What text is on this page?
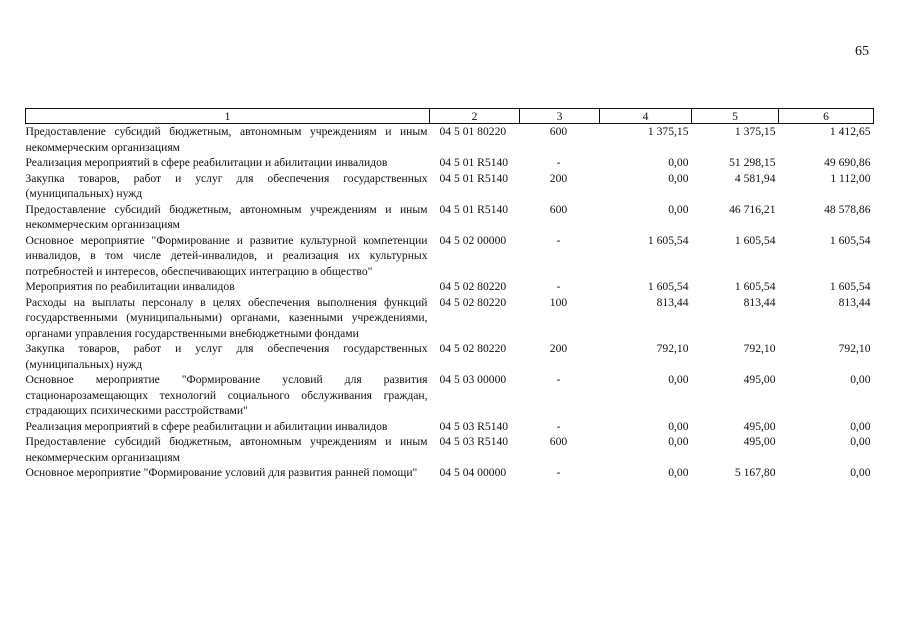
65
1	2	3	4	5	6
Предоставление субсидий бюджетным, автономным учреждениям и иным некоммерческим организациям	04 5 01 80220	600	1 375,15	1 375,15	1 412,65
Реализация мероприятий в сфере реабилитации и абилитации инвалидов	04 5 01 R5140	-	0,00	51 298,15	49 690,86
Закупка товаров, работ и услуг для обеспечения государственных (муниципальных) нужд	04 5 01 R5140	200	0,00	4 581,94	1 112,00
Предоставление субсидий бюджетным, автономным учреждениям и иным некоммерческим организациям	04 5 01 R5140	600	0,00	46 716,21	48 578,86
Основное мероприятие "Формирование и развитие культурной компетенции инвалидов, в том числе детей-инвалидов, и реализация их культурных потребностей и интересов, обеспечивающих интеграцию в общество"	04 5 02 00000	-	1 605,54	1 605,54	1 605,54
Мероприятия по реабилитации инвалидов	04 5 02 80220	-	1 605,54	1 605,54	1 605,54
Расходы на выплаты персоналу в целях обеспечения выполнения функций государственными (муниципальными) органами, казенными учреждениями, органами управления государственными внебюджетными фондами	04 5 02 80220	100	813,44	813,44	813,44
Закупка товаров, работ и услуг для обеспечения государственных (муниципальных) нужд	04 5 02 80220	200	792,10	792,10	792,10
Основное мероприятие "Формирование условий для развития стационарозамещающих технологий социального обслуживания граждан, страдающих психическими расстройствами"	04 5 03 00000	-	0,00	495,00	0,00
Реализация мероприятий в сфере реабилитации и абилитации инвалидов	04 5 03 R5140	-	0,00	495,00	0,00
Предоставление субсидий бюджетным, автономным учреждениям и иным некоммерческим организациям	04 5 03 R5140	600	0,00	495,00	0,00
Основное мероприятие "Формирование условий для развития ранней помощи"	04 5 04 00000	-	0,00	5 167,80	0,00
